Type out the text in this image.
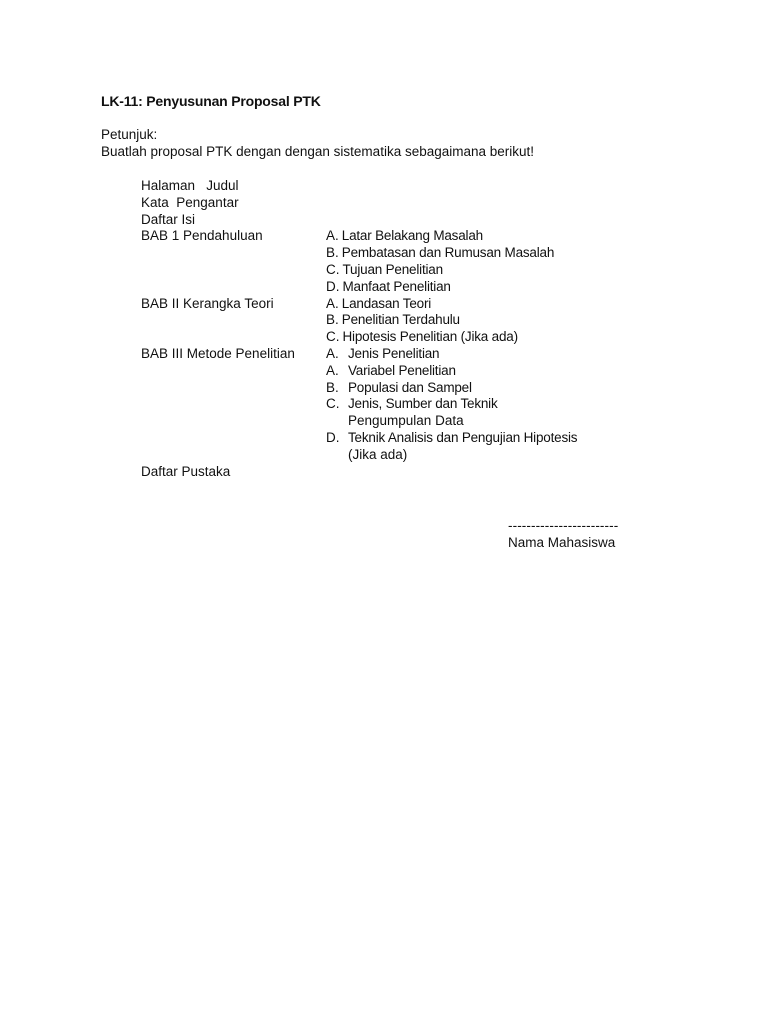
LK-11: Penyusunan Proposal PTK
Petunjuk:
Buatlah proposal PTK dengan dengan sistematika sebagaimana berikut!
Halaman   Judul
Kata  Pengantar
Daftar Isi
BAB 1 Pendahuluan	A. Latar Belakang Masalah
B. Pembatasan dan Rumusan Masalah
C. Tujuan Penelitian
D. Manfaat Penelitian
BAB II Kerangka Teori	A. Landasan Teori
B. Penelitian Terdahulu
C. Hipotesis Penelitian (Jika ada)
BAB III Metode Penelitian	A. Jenis Penelitian
A. Variabel Penelitian
B. Populasi dan Sampel
C. Jenis, Sumber dan Teknik
Pengumpulan Data
D. Teknik Analisis dan Pengujian Hipotesis
(Jika ada)
Daftar Pustaka
------------------------
Nama Mahasiswa
